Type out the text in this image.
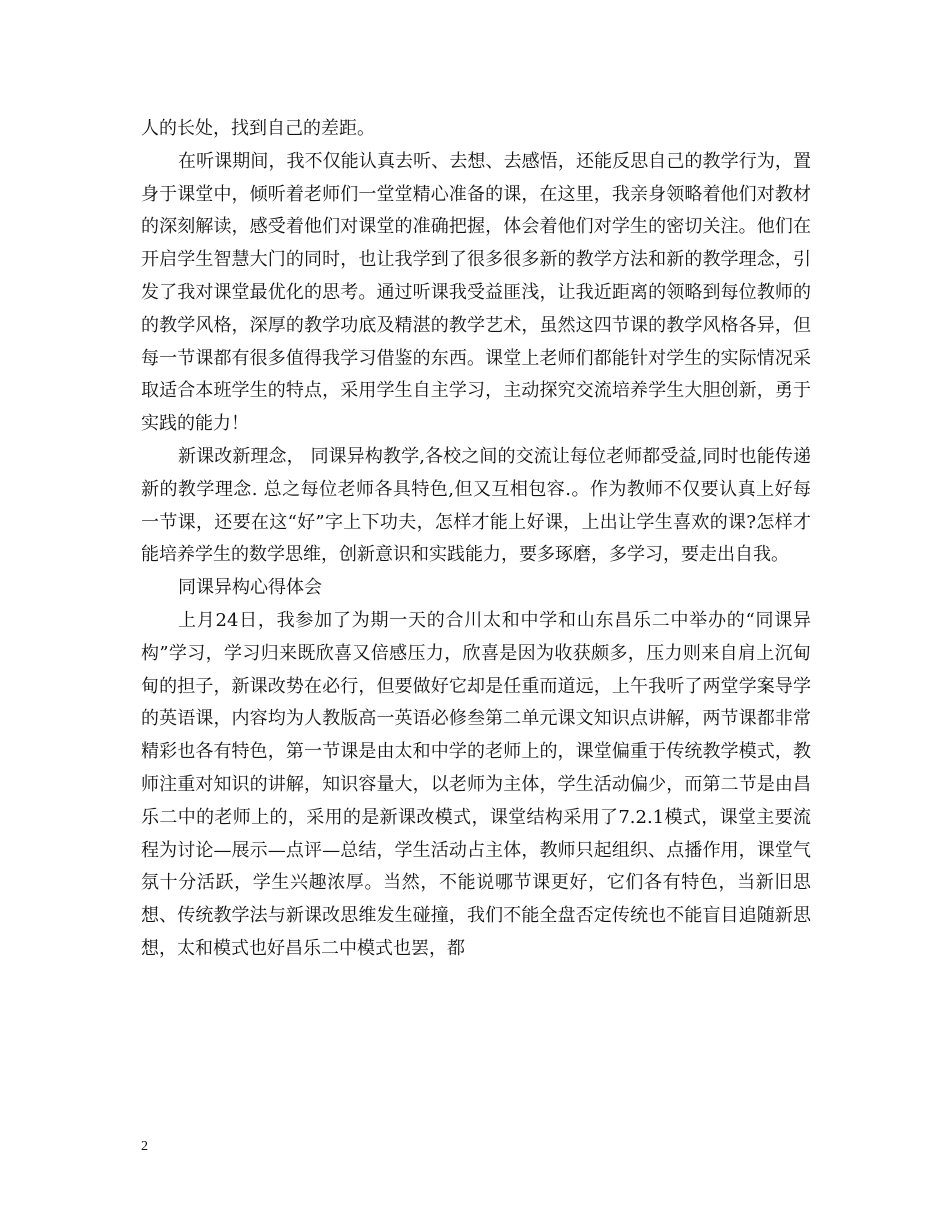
人的长处，找到自己的差距。

在听课期间，我不仅能认真去听、去想、去感悟，还能反思自己的教学行为，置身于课堂中，倾听着老师们一堂堂精心准备的课，在这里，我亲身领略着他们对教材的深刻解读，感受着他们对课堂的准确把握，体会着他们对学生的密切关注。他们在开启学生智慧大门的同时，也让我学到了很多很多新的教学方法和新的教学理念，引发了我对课堂最优化的思考。通过听课我受益匪浅，让我近距离的领略到每位教师的的教学风格，深厚的教学功底及精湛的教学艺术，虽然这四节课的教学风格各异，但每一节课都有很多值得我学习借鉴的东西。课堂上老师们都能针对学生的实际情况采取适合本班学生的特点，采用学生自主学习，主动探究交流培养学生大胆创新，勇于实践的能力！

新课改新理念， 同课异构教学,各校之间的交流让每位老师都受益,同时也能传递新的教学理念. 总之每位老师各具特色,但又互相包容.。作为教师不仅要认真上好每一节课，还要在这“好”字上下功夫，怎样才能上好课，上出让学生喜欢的课?怎样才能培养学生的数学思维，创新意识和实践能力，要多琢磨，多学习，要走出自我。

同课异构心得体会

上月24日，我参加了为期一天的合川太和中学和山东昌乐二中举办的“同课异构”学习，学习归来既欣喜又倍感压力，欣喜是因为收获颇多，压力则来自肩上沉甸甸的担子，新课改势在必行，但要做好它却是任重而道远，上午我听了两堂学案导学的英语课，内容均为人教版高一英语必修叁第二单元课文知识点讲解，两节课都非常精彩也各有特色，第一节课是由太和中学的老师上的，课堂偏重于传统教学模式，教师注重对知识的讲解，知识容量大，以老师为主体，学生活动偏少，而第二节是由昌乐二中的老师上的，采用的是新课改模式，课堂结构采用了7.2.1模式，课堂主要流程为讨论—展示—点评—总结，学生活动占主体，教师只起组织、点播作用，课堂气氛十分活跃，学生兴趣浓厚。当然，不能说哪节课更好，它们各有特色，当新旧思想、传统教学法与新课改思维发生碰撞，我们不能全盘否定传统也不能盲目追随新思想，太和模式也好昌乐二中模式也罢，都

2
